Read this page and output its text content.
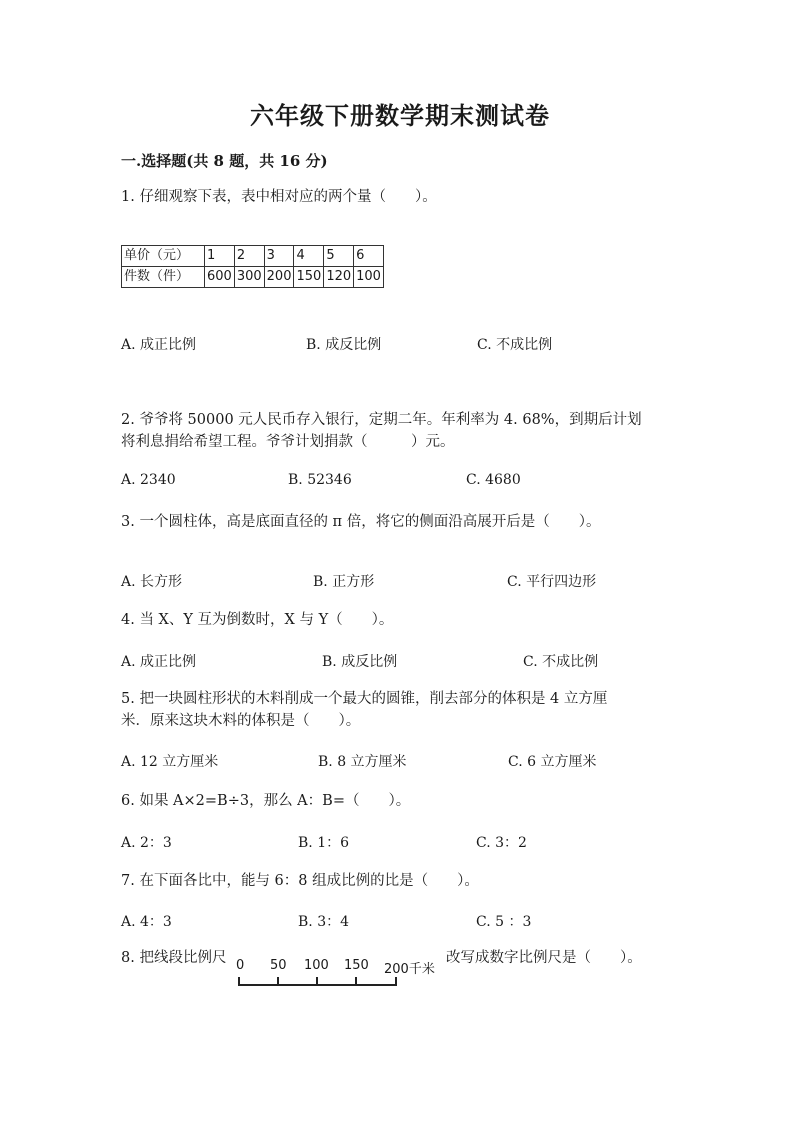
六年级下册数学期末测试卷
一.选择题(共 8 题，共 16 分)
1. 仔细观察下表，表中相对应的两个量（　　）。
单价（元）	1	2	3	4	5	6
件数（件）	600	300	200	150	120	100
A. 成正比例	B. 成反比例	C. 不成比例
2. 爷爷将 50000 元人民币存入银行，定期二年。年利率为 4. 68%，到期后计划
将利息捐给希望工程。爷爷计划捐款（　　　）元。
A. 2340	B. 52346	C. 4680
3. 一个圆柱体，高是底面直径的 π 倍，将它的侧面沿高展开后是（　　）。
A. 长方形	B. 正方形	C. 平行四边形
4. 当 X、Y 互为倒数时，X 与 Y（　　）。
A. 成正比例	B. 成反比例	C. 不成比例
5. 把一块圆柱形状的木料削成一个最大的圆锥，削去部分的体积是 4 立方厘
米．原来这块木料的体积是（　　）。
A. 12 立方厘米	B. 8 立方厘米	C. 6 立方厘米
6. 如果 A×2=B÷3，那么 A：B=（　　）。
A. 2：3	B. 1：6	C. 3：2
7. 在下面各比中，能与 6：8 组成比例的比是（　　）。
A. 4：3	B. 3：4	C. 5 ：3
8. 把线段比例尺 0 50 100 150 200千米
改写成数字比例尺是（　　）。
